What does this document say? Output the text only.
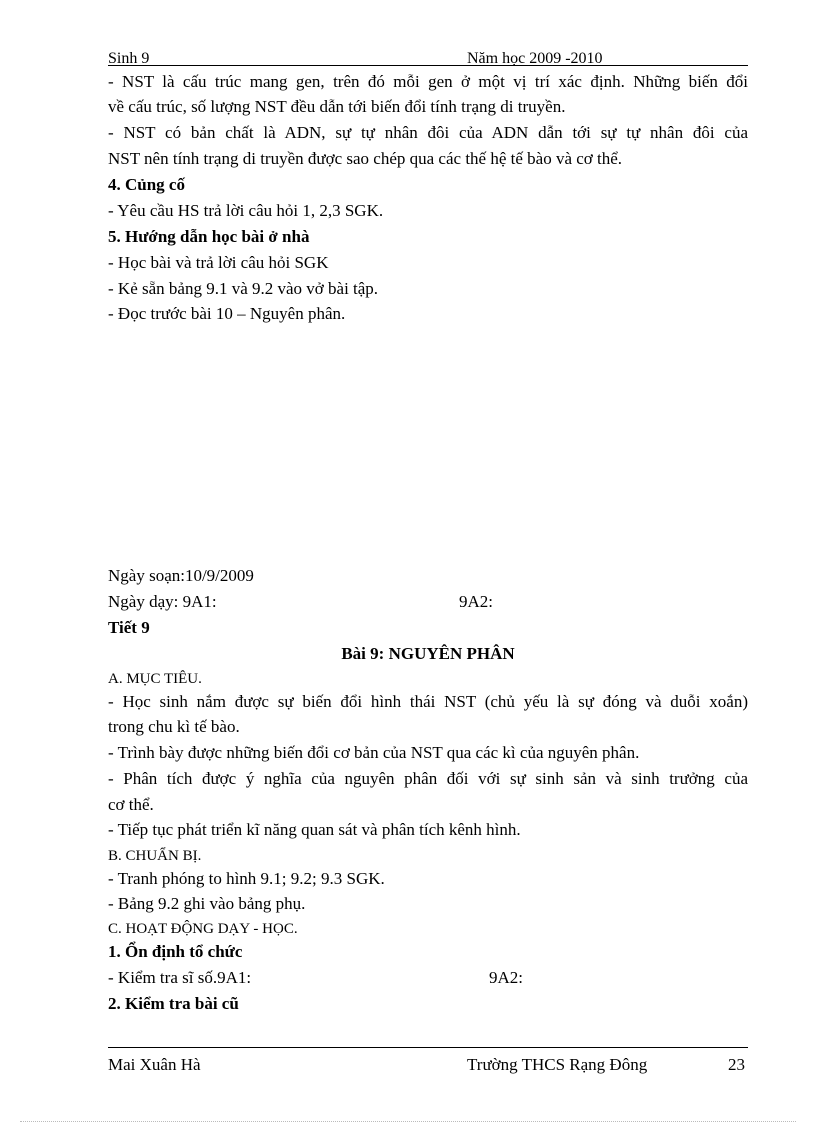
Sinh 9	Năm học 2009 -2010
- NST là cấu trúc mang gen, trên đó mỗi gen ở một vị trí xác định. Những biến đổi
về cấu trúc, số lượng NST đều dẫn tới biến đổi tính trạng di truyền.
- NST có bản chất là ADN, sự tự nhân đôi của ADN dẫn tới sự tự nhân đôi của
NST nên tính trạng di truyền được sao chép qua các thế hệ tế bào và cơ thể.
4. Củng cố
- Yêu cầu HS trả lời câu hỏi 1, 2,3 SGK.
5. Hướng dẫn học bài ở nhà
- Học bài và trả lời câu hỏi SGK
- Kẻ sẵn bảng 9.1 và 9.2 vào vở bài tập.
- Đọc trước bài 10 – Nguyên phân.
Ngày soạn:10/9/2009
Ngày dạy: 9A1:	9A2:
Tiết 9
Bài 9: NGUYÊN PHÂN
A. MỤC TIÊU.
- Học sinh nắm được sự biến đổi hình thái NST (chủ yếu là sự đóng và duỗi xoắn)
trong chu kì tế bào.
- Trình bày được những biến đổi cơ bản của NST qua các kì của nguyên phân.
- Phân tích được ý nghĩa của nguyên phân đối với sự sinh sản và sinh trưởng của
cơ thể.
- Tiếp tục phát triển kĩ năng quan sát và phân tích kênh hình.
B. CHUẨN BỊ.
- Tranh phóng to hình 9.1; 9.2; 9.3 SGK.
- Bảng 9.2 ghi vào bảng phụ.
C. HOẠT ĐỘNG DẠY - HỌC.
1. Ổn định tổ chức
- Kiểm tra sĩ số.9A1:	9A2:
2. Kiểm tra bài cũ
Mai Xuân Hà	Trường THCS Rạng Đông	23
